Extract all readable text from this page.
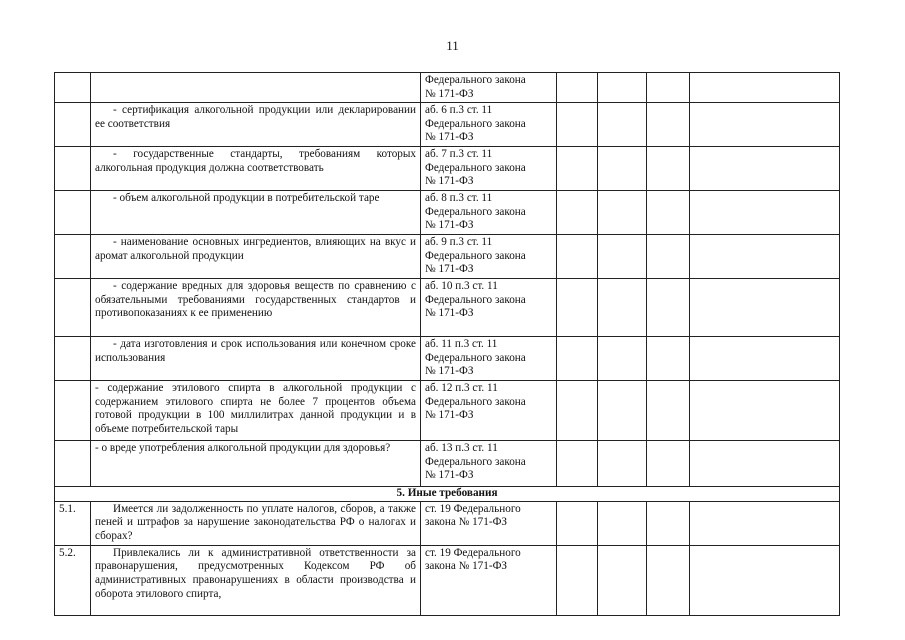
11

		Федерального закона
№ 171-ФЗ				

	- сертификация алкогольной продукции или декларировании ее соответствия	аб. 6 п.3 ст. 11
Федерального закона
№ 171-ФЗ				

	- государственные стандарты, требованиям которых алкогольная продукция должна соответствовать	аб. 7 п.3 ст. 11
Федерального закона
№ 171-ФЗ				

	- объем алкогольной продукции в потребительской таре	аб. 8 п.3 ст. 11
Федерального закона
№ 171-ФЗ				

	- наименование основных ингредиентов, влияющих на вкус и аромат алкогольной продукции	аб. 9 п.3 ст. 11
Федерального закона
№ 171-ФЗ				

	- содержание вредных для здоровья веществ по сравнению с обязательными требованиями государственных стандартов и противопоказаниях к ее применению	аб. 10 п.3 ст. 11
Федерального закона
№ 171-ФЗ				

	- дата изготовления и срок использования или конечном сроке использования	аб. 11 п.3 ст. 11
Федерального закона
№ 171-ФЗ				

	- содержание этилового спирта в алкогольной продукции с содержанием этилового спирта не более 7 процентов объема готовой продукции в 100 миллилитрах данной продукции и в объеме потребительской тары	аб. 12 п.3 ст. 11
Федерального закона
№ 171-ФЗ				

	- о вреде употребления алкогольной продукции для здоровья?	аб. 13 п.3 ст. 11
Федерального закона
№ 171-ФЗ				

5. Иные требования						
5.1.	Имеется ли задолженность по уплате налогов, сборов, а также пеней и штрафов за нарушение законодательства РФ о налогах и сборах?	ст. 19 Федерального
закона № 171-ФЗ				

5.2.	Привлекались ли к административной ответственности за правонарушения, предусмотренных Кодексом РФ об административных правонарушениях в области производства и оборота этилового спирта,	ст. 19 Федерального
закона № 171-ФЗ				
